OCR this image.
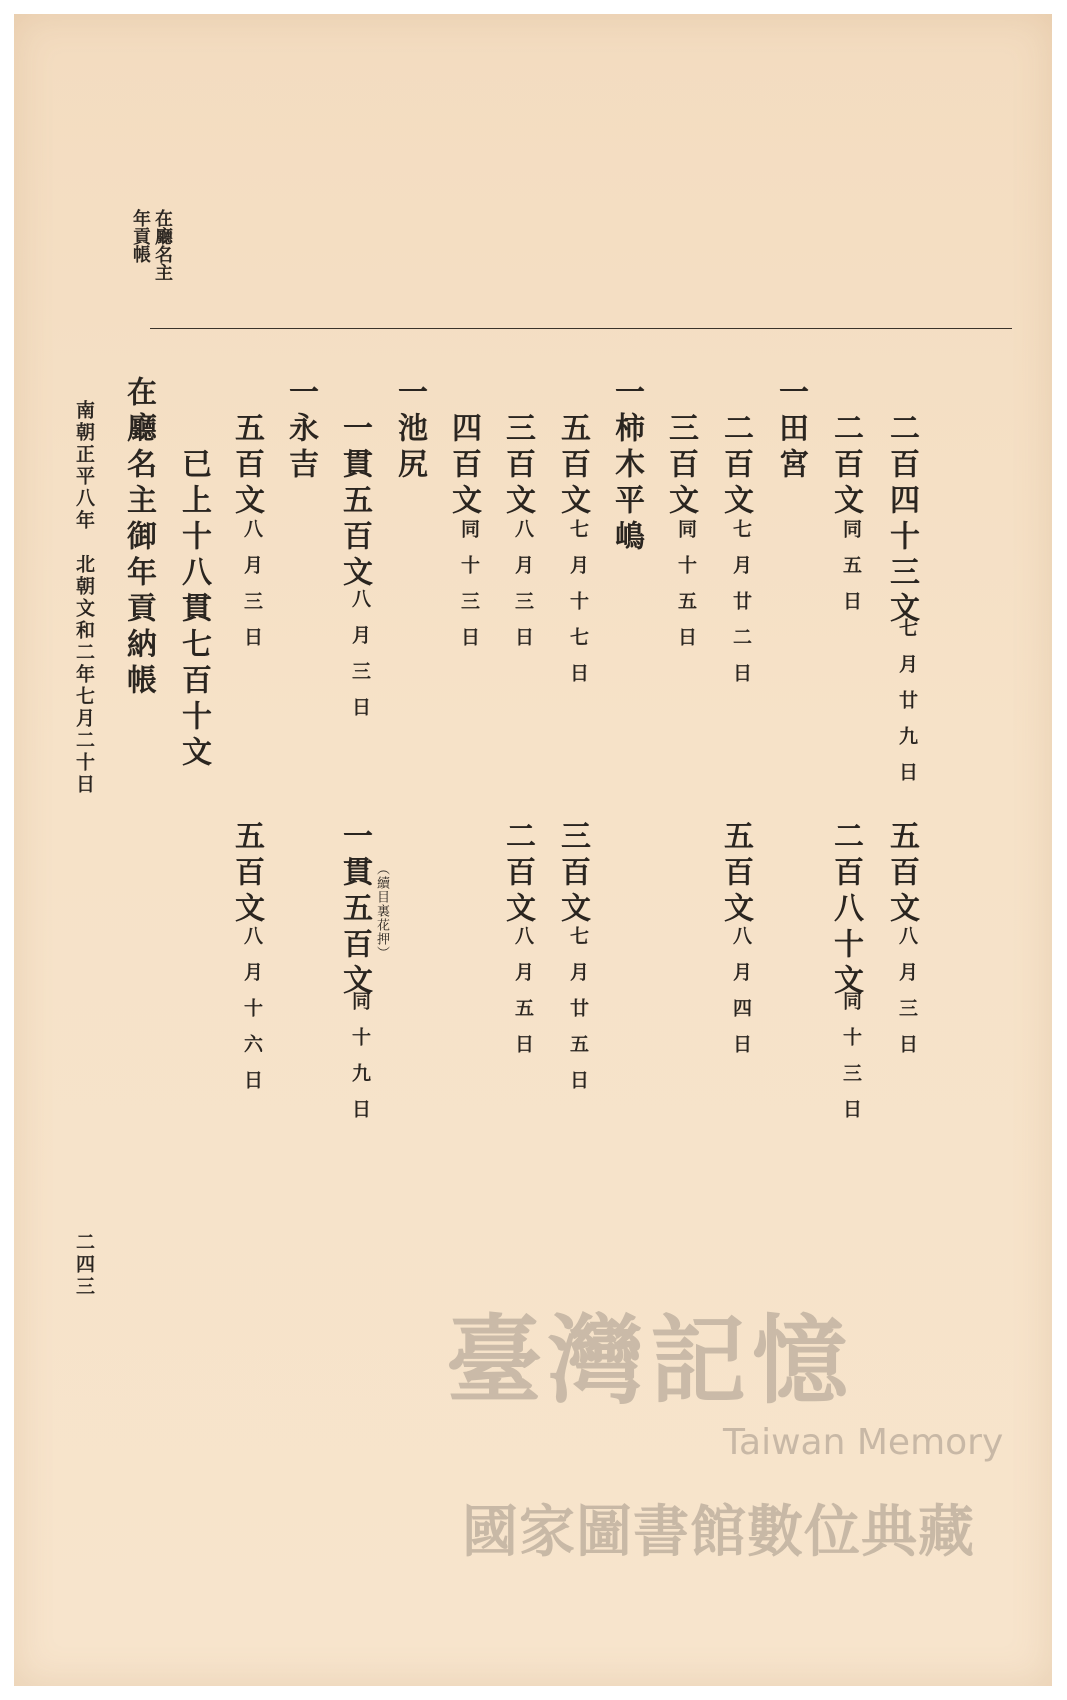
在廳名主
年貢帳
二百四十三文
七月廿九日
五百文
八月三日
二百文
同五日
二百八十文
同十三日
一田宮
二百文
七月廿二日
五百文
八月四日
三百文
同十五日
一柿木平嶋
五百文
七月十七日
三百文
七月廿五日
三百文
八月三日
二百文
八月五日
四百文
同十三日
一池尻
一貫五百文
八月三日
一貫五百文 （續目裏花押）
同十九日
一永吉
五百文
八月三日
五百文
八月十六日
已上十八貫七百十文
在廳名主御年貢納帳
南朝正平八年　北朝文和二年七月二十日
二四三
臺灣記憶
Taiwan Memory
國家圖書館數位典藏
